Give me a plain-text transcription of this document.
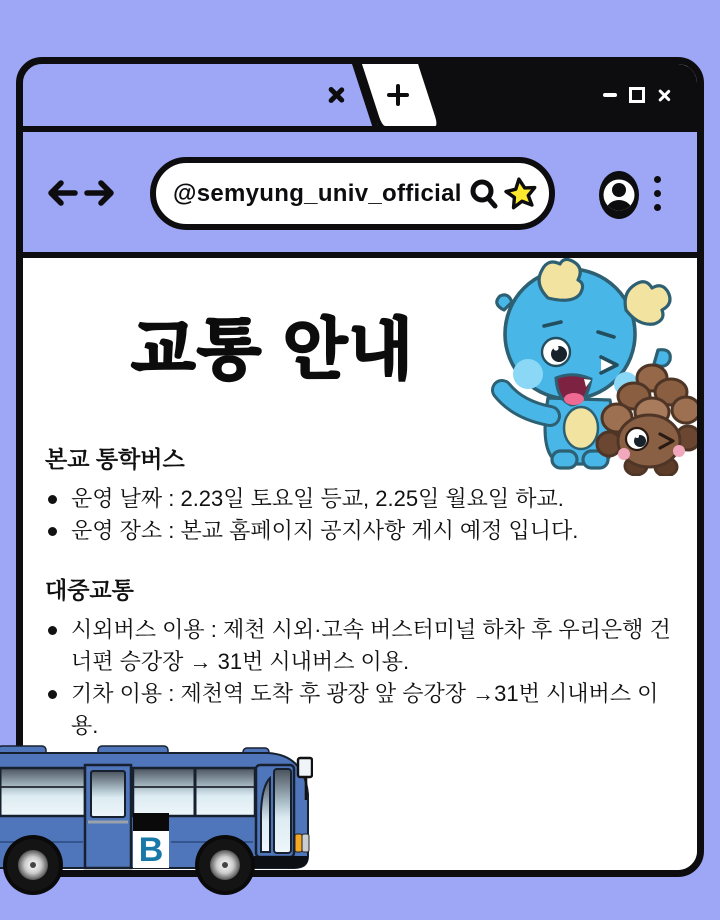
@semyung_univ_official
교통 안내
본교 통학버스
운영 날짜 : 2.23일 토요일 등교, 2.25일 월요일 하교.
운영 장소 : 본교 홈페이지 공지사항 게시 예정 입니다.
대중교통
시외버스 이용 : 제천 시외·고속 버스터미널 하차 후 우리은행 건너편 승강장 → 31번 시내버스 이용.
기차 이용 : 제천역 도착 후 광장 앞 승강장 →31번 시내버스 이용.
B
